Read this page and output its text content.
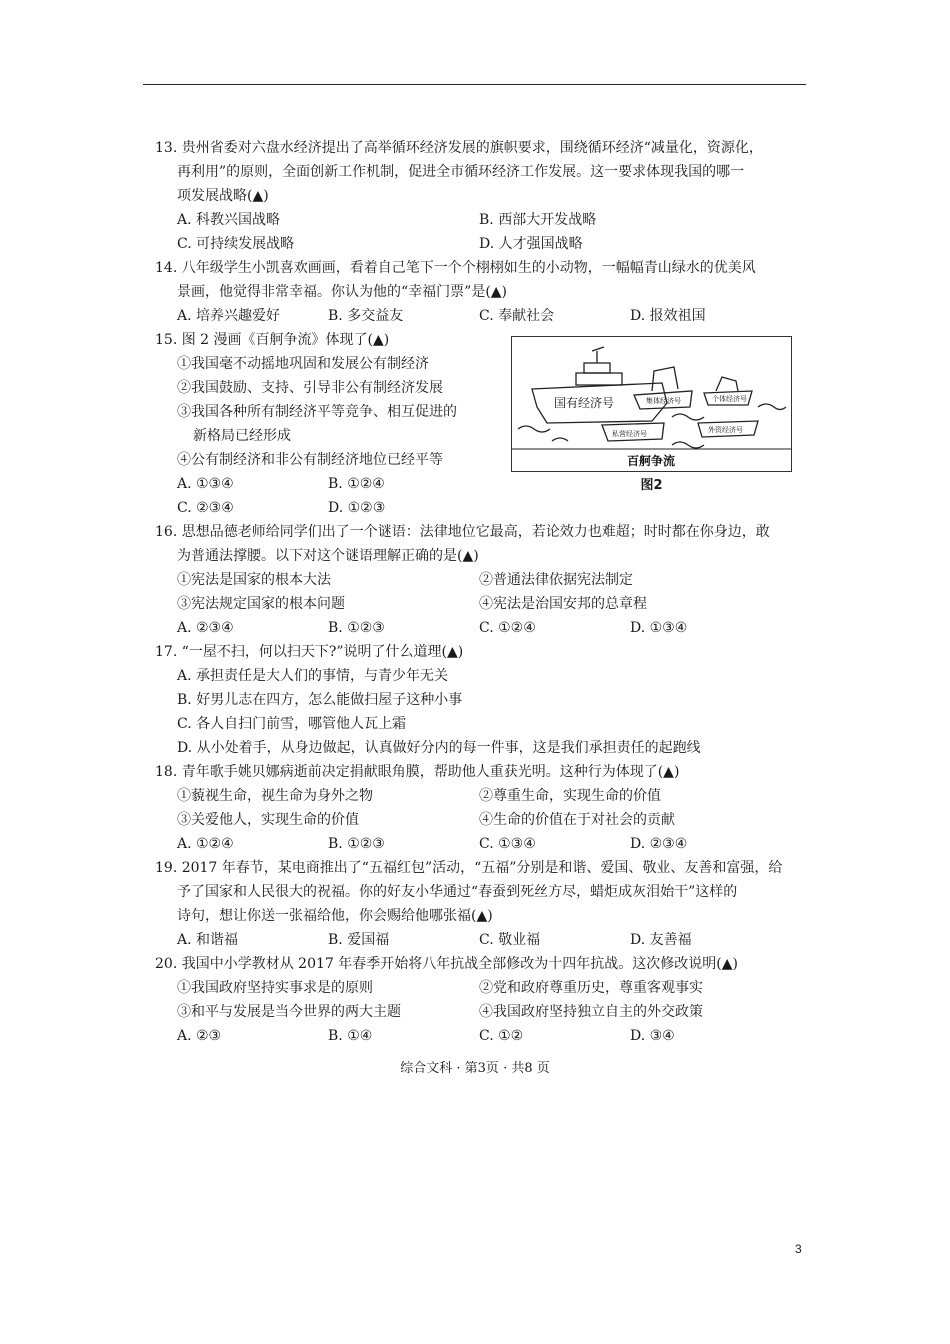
13. 贵州省委对六盘水经济提出了高举循环经济发展的旗帜要求，围绕循环经济“减量化，资源化，
再利用”的原则，全面创新工作机制，促进全市循环经济工作发展。这一要求体现我国的哪一
项发展战略(▲)
A. 科教兴国战略	B. 西部大开发战略
C. 可持续发展战略	D. 人才强国战略
14. 八年级学生小凯喜欢画画，看着自己笔下一个个栩栩如生的小动物，一幅幅青山绿水的优美风
景画，他觉得非常幸福。你认为他的“幸福门票”是(▲)
A. 培养兴趣爱好	B. 多交益友	C. 奉献社会	D. 报效祖国
15. 图 2 漫画《百舸争流》体现了(▲)
①我国毫不动摇地巩固和发展公有制经济
②我国鼓励、支持、引导非公有制经济发展
③我国各种所有制经济平等竞争、相互促进的
新格局已经形成
④公有制经济和非公有制经济地位已经平等
A. ①③④	B. ①②④
C. ②③④	D. ①②③
16. 思想品德老师给同学们出了一个谜语：法律地位它最高，若论效力也难超；时时都在你身边，敢
为普通法撑腰。以下对这个谜语理解正确的是(▲)
①宪法是国家的根本大法	②普通法律依据宪法制定
③宪法规定国家的根本问题	④宪法是治国安邦的总章程
A. ②③④	B. ①②③	C. ①②④	D. ①③④
17. “一屋不扫，何以扫天下?”说明了什么道理(▲)
A. 承担责任是大人们的事情，与青少年无关
B. 好男儿志在四方，怎么能做扫屋子这种小事
C. 各人自扫门前雪，哪管他人瓦上霜
D. 从小处着手，从身边做起，认真做好分内的每一件事，这是我们承担责任的起跑线
18. 青年歌手姚贝娜病逝前决定捐献眼角膜，帮助他人重获光明。这种行为体现了(▲)
①藐视生命，视生命为身外之物	②尊重生命，实现生命的价值
③关爱他人，实现生命的价值	④生命的价值在于对社会的贡献
A. ①②④	B. ①②③	C. ①③④	D. ②③④
19. 2017 年春节，某电商推出了“五福红包”活动，“五福”分别是和谐、爱国、敬业、友善和富强，给
予了国家和人民很大的祝福。你的好友小华通过“春蚕到死丝方尽，蜡炬成灰泪始干”这样的
诗句，想让你送一张福给他，你会赐给他哪张福(▲)
A. 和谐福	B. 爱国福	C. 敬业福	D. 友善福
20. 我国中小学教材从 2017 年春季开始将八年抗战全部修改为十四年抗战。这次修改说明(▲)
①我国政府坚持实事求是的原则	②党和政府尊重历史，尊重客观事实
③和平与发展是当今世界的两大主题	④我国政府坚持独立自主的外交政策
A. ②③	B. ①④	C. ①②	D. ③④
国有经济号	集体经济号	个体经济号
私营经济号	外资经济号
百舸争流
图2
综合文科 · 第3页 · 共8 页
3
